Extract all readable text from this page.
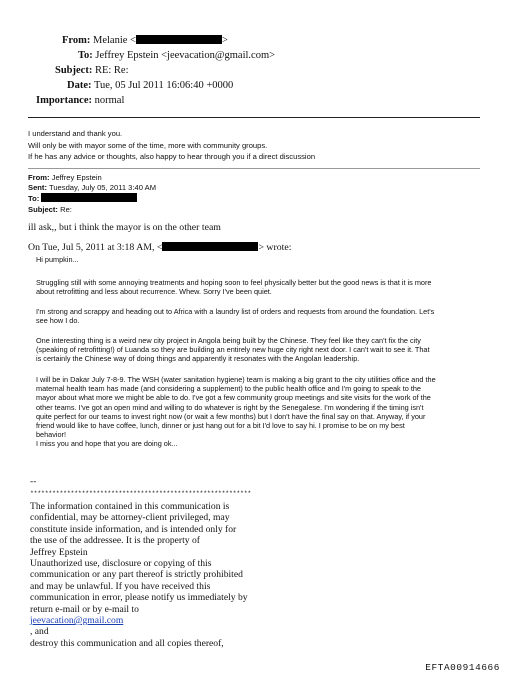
From: Melanie <	>
To: Jeffrey Epstein <jeevacation@gmail.com>
Subject: RE: Re:
Date: Tue, 05 Jul 2011 16:06:40 +0000
Importance: normal
I understand and thank you.
Will only be with mayor some of the time, more with community groups.
If he has any advice or thoughts, also happy to hear through you if a direct discussion
From: Jeffrey Epstein
Sent: Tuesday, July 05, 2011 3:40 AM
To:
Subject: Re:
ill ask,, but i think the mayor is on the other team
On Tue, Jul 5, 2011 at 3:18 AM, <	> wrote:
Hi pumpkin...
Struggling still with some annoying treatments and hoping soon to feel physically better but the good news is that it is more
about retrofitting and less about recurrence. Whew. Sorry I've been quiet.
I'm strong and scrappy and heading out to Africa with a laundry list of orders and requests from around the foundation. Let's
see how I do.
One interesting thing is a weird new city project in Angola being built by the Chinese. They feel like they can't fix the city
(speaking of retrofitting!) of Luanda so they are building an entirely new huge city right next door. I can't wait to see it. That
is certainly the Chinese way of doing things and apparently it resonates with the Angolan leadership.
I will be in Dakar July 7-8-9. The WSH (water sanitation hygiene) team is making a big grant to the city utilities office and the
maternal health team has made (and considering a supplement) to the public health office and I'm going to speak to the
mayor about what more we might be able to do. I've got a few community group meetings and site visits for the work of the
other teams. I've got an open mind and willing to do whatever is right by the Senegalese. I'm wondering if the timing isn't
quite perfect for our teams to invest right now (or wait a few months) but I don't have the final say on that. Anyway, if your
friend would like to have coffee, lunch, dinner or just hang out for a bit I'd love to say hi. I promise to be on my best
behavior!
I miss you and hope that you are doing ok...
--
************************************************************
The information contained in this communication is
confidential, may be attorney-client privileged, may
constitute inside information, and is intended only for
the use of the addressee. It is the property of
Jeffrey Epstein
Unauthorized use, disclosure or copying of this
communication or any part thereof is strictly prohibited
and may be unlawful. If you have received this
communication in error, please notify us immediately by
return e-mail or by e-mail to
jeevacation@gmail.com
, and
destroy this communication and all copies thereof,
EFTA00914666
